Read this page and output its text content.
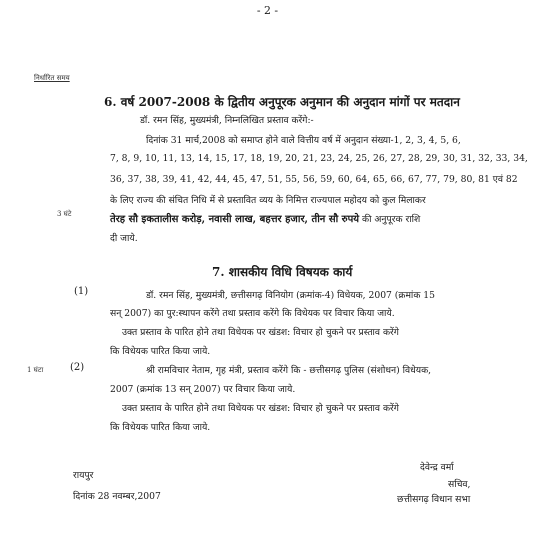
- 2 -
निर्धारित समय
6. वर्ष 2007-2008 के द्वितीय अनुपूरक अनुमान की अनुदान मांगों पर मतदान
डॉ. रमन सिंह, मुख्यमंत्री, निम्नलिखित प्रस्ताव करेंगे:-
दिनांक 31 मार्च,2008 को समाप्त होने वाले वित्तीय वर्ष में अनुदान संख्या-1, 2, 3, 4, 5, 6,
7, 8, 9, 10, 11, 13, 14, 15, 17, 18, 19, 20, 21, 23, 24, 25, 26, 27, 28, 29, 30, 31, 32, 33, 34,
36, 37, 38, 39, 41, 42, 44, 45, 47, 51, 55, 56, 59, 60, 64, 65, 66, 67, 77, 79, 80, 81 एवं 82
के लिए राज्य की संचित निधि में से प्रस्तावित व्यय के निमित्त राज्यपाल महोदय को कुल मिलाकर
3 घंटे	तेरह सौ इकतालीस करोड़, नवासी लाख, बहत्तर हजार, तीन सौ रुपये की अनुपूरक राशि
दी जाये.
7. शासकीय विधि विषयक कार्य
(1)	डॉ. रमन सिंह, मुख्यमंत्री, छत्तीसगढ़ विनियोग (क्रमांक-4) विधेयक, 2007 (क्रमांक 15
सन् 2007) का पुर:स्थापन करेंगे तथा प्रस्ताव करेंगे कि विधेयक पर विचार किया जाये.
उक्त प्रस्ताव के पारित होने तथा विधेयक पर खंडश: विचार हो चुकने पर प्रस्ताव करेंगे
कि विधेयक पारित किया जाये.
1 घंटा	(2)	श्री रामविचार नेताम, गृह मंत्री, प्रस्ताव करेंगे कि - छत्तीसगढ़ पुलिस (संशोधन) विधेयक,
2007 (क्रमांक 13 सन् 2007) पर विचार किया जाये.
उक्त प्रस्ताव के पारित होने तथा विधेयक पर खंडश: विचार हो चुकने पर प्रस्ताव करेंगे
कि विधेयक पारित किया जाये.
रायपुर
दिनांक 28 नवम्बर,2007
देवेन्द्र वर्मा
सचिव,
छत्तीसगढ़ विधान सभा
